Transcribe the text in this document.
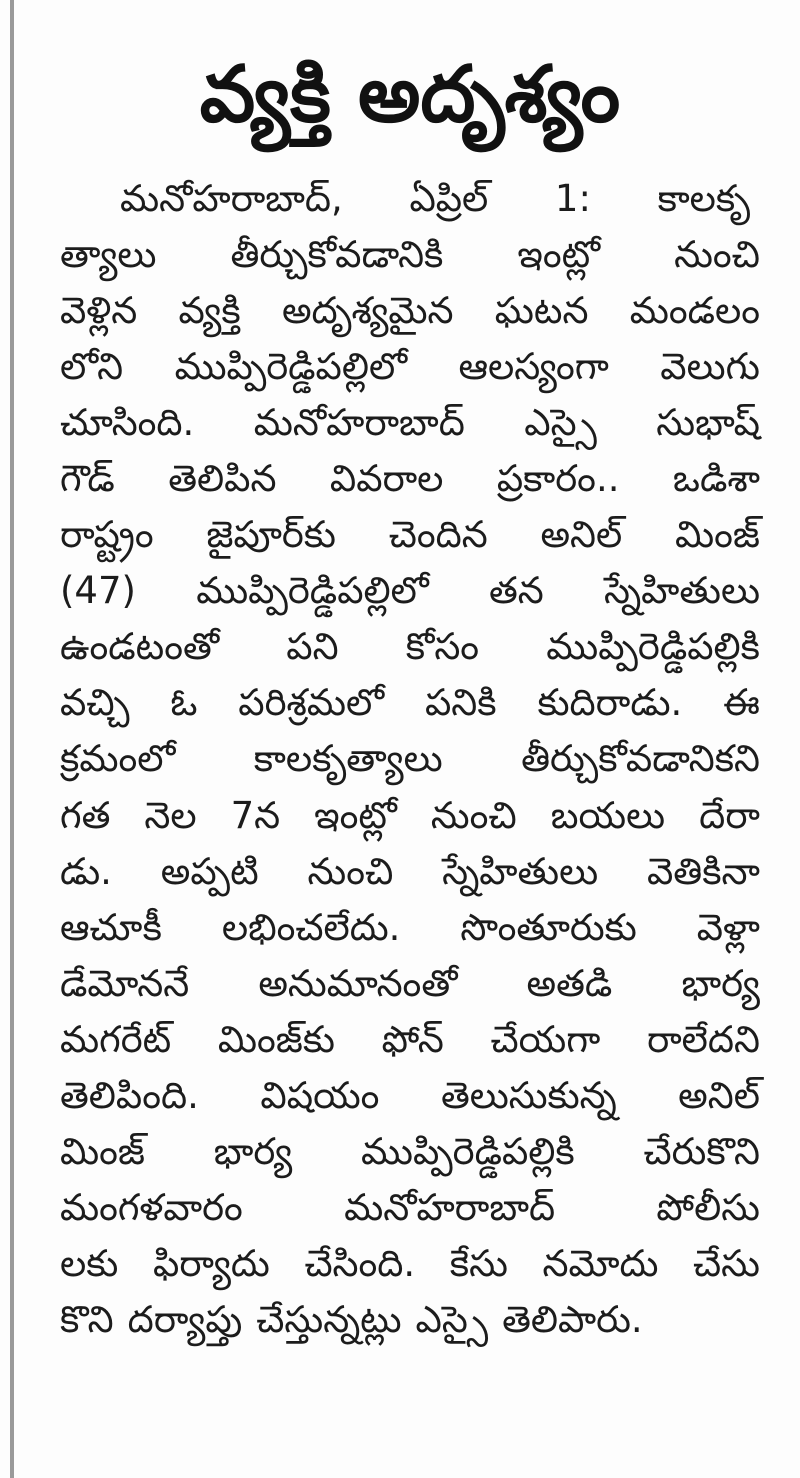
వ్యక్తి అదృశ్యం
మనోహరాబాద్, ఏప్రిల్ 1: కాలకృ
త్యాలు తీర్చుకోవడానికి ఇంట్లో నుంచి
వెళ్లిన వ్యక్తి అదృశ్యమైన ఘటన మండలం
లోని ముప్పిరెడ్డిపల్లిలో ఆలస్యంగా వెలుగు
చూసింది. మనోహరాబాద్ ఎస్సై సుభాష్
గౌడ్ తెలిపిన వివరాల ప్రకారం.. ఒడిశా
రాష్ట్రం జైపూర్‌కు చెందిన అనిల్ మింజ్
(47) ముప్పిరెడ్డిపల్లిలో తన స్నేహితులు
ఉండటంతో పని కోసం ముప్పిరెడ్డిపల్లికి
వచ్చి ఓ పరిశ్రమలో పనికి కుదిరాడు. ఈ
క్రమంలో కాలకృత్యాలు తీర్చుకోవడానికని
గత నెల 7న ఇంట్లో నుంచి బయలు దేరా
డు. అప్పటి నుంచి స్నేహితులు వెతికినా
ఆచూకీ లభించలేదు. సొంతూరుకు వెళ్లా
డేమోననే అనుమానంతో అతడి భార్య
మగరేట్ మింజ్‌కు ఫోన్ చేయగా రాలేదని
తెలిపింది. విషయం తెలుసుకున్న అనిల్
మింజ్ భార్య ముప్పిరెడ్డిపల్లికి చేరుకొని
మంగళవారం	మనోహరాబాద్	పోలీసు
లకు ఫిర్యాదు చేసింది. కేసు నమోదు చేసు
కొని దర్యాప్తు చేస్తున్నట్లు ఎస్సై తెలిపారు.
